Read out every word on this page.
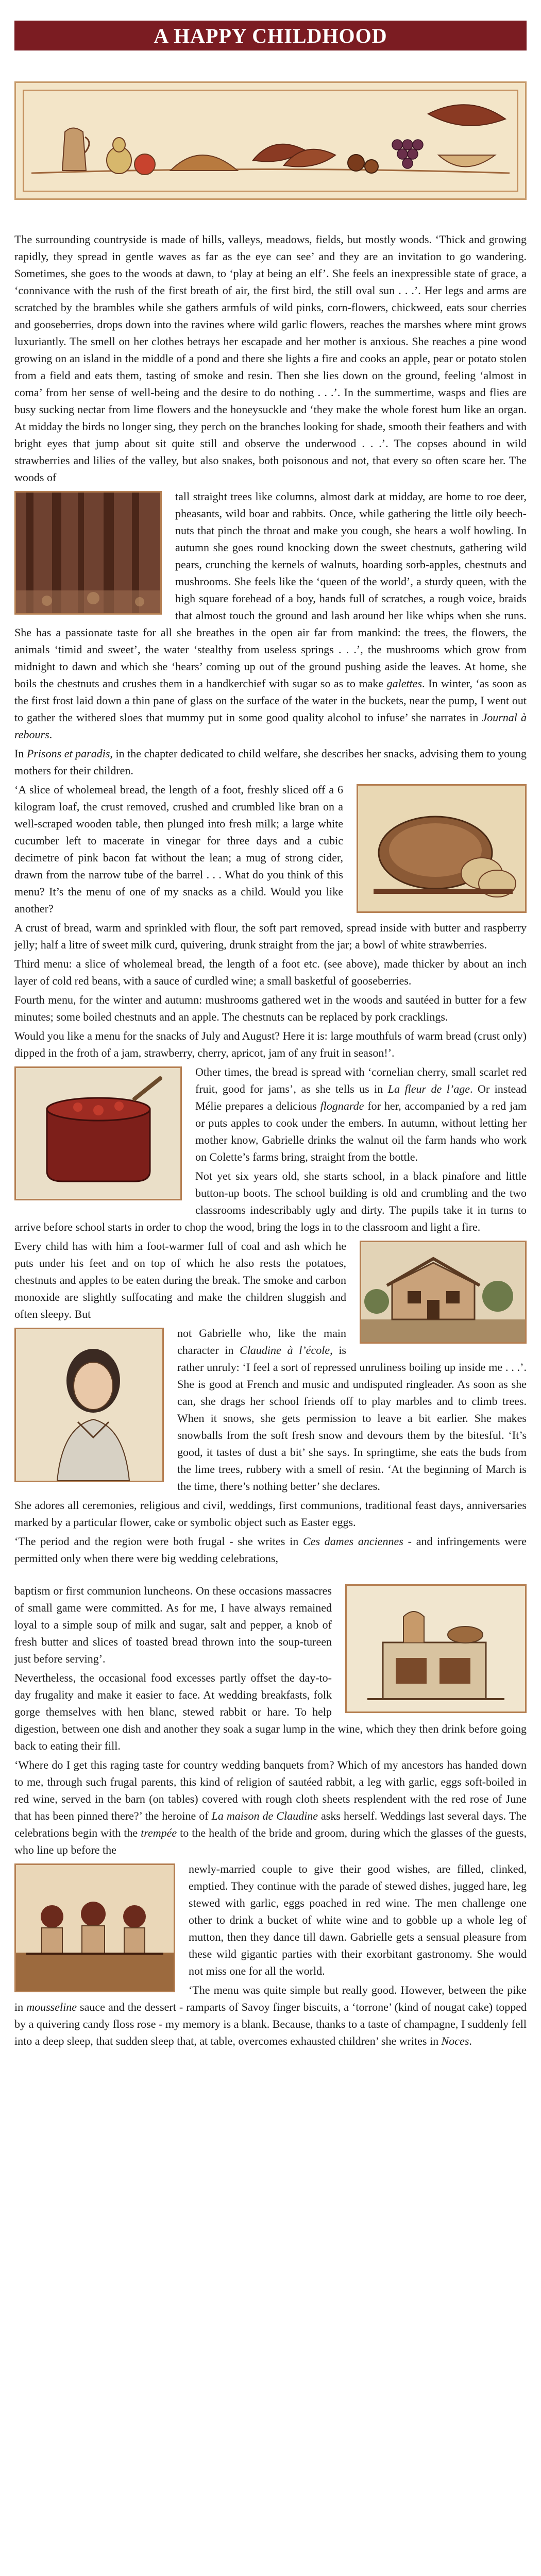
A HAPPY CHILDHOOD

The surrounding countryside is made of hills, valleys, meadows, fields, but mostly woods. ‘Thick and growing rapidly, they spread in gentle waves as far as the eye can see’ and they are an invitation to go wandering. Sometimes, she goes to the woods at dawn, to ‘play at being an elf’. She feels an inexpressible state of grace, a ‘connivance with the rush of the first breath of air, the first bird, the still oval sun . . .’. Her legs and arms are scratched by the brambles while she gathers armfuls of wild pinks, corn-flowers, chickweed, eats sour cherries and gooseberries, drops down into the ravines where wild garlic flowers, reaches the marshes where mint grows luxuriantly. The smell on her clothes betrays her escapade and her mother is anxious. She reaches a pine wood growing on an island in the middle of a pond and there she lights a fire and cooks an apple, pear or potato stolen from a field and eats them, tasting of smoke and resin. Then she lies down on the ground, feeling ‘almost in coma’ from her sense of well-being and the desire to do nothing . . .’. In the summertime, wasps and flies are busy sucking nectar from lime flowers and the honeysuckle and ‘they make the whole forest hum like an organ. At midday the birds no longer sing, they perch on the branches looking for shade, smooth their feathers and with bright eyes that jump about sit quite still and observe the underwood . . .’. The copses abound in wild strawberries and lilies of the valley, but also snakes, both poisonous and not, that every so often scare her. The woods of

tall straight trees like columns, almost dark at midday, are home to roe deer, pheasants, wild boar and rabbits. Once, while gathering the little oily beech-nuts that pinch the throat and make you cough, she hears a wolf howling. In autumn she goes round knocking down the sweet chestnuts, gathering wild pears, crunching the kernels of walnuts, hoarding sorb-apples, chestnuts and mushrooms. She feels like the ‘queen of the world’, a sturdy queen, with the high square forehead of a boy, hands full of scratches, a rough voice, braids that almost touch the ground and lash around her like whips when she runs. She has a passionate taste for all she breathes in the open air far from mankind: the trees, the flowers, the animals ‘timid and sweet’, the water ‘stealthy from useless springs . . .’, the mushrooms which grow from midnight to dawn and which she ‘hears’ coming up out of the ground pushing aside the leaves. At home, she boils the chestnuts and crushes them in a handkerchief with sugar so as to make galettes. In winter, ‘as soon as the first frost laid down a thin pane of glass on the surface of the water in the buckets, near the pump, I went out to gather the withered sloes that mummy put in some good quality alcohol to infuse’ she narrates in Journal à rebours.

In Prisons et paradis, in the chapter dedicated to child welfare, she describes her snacks, advising them to young mothers for their children.

‘A slice of wholemeal bread, the length of a foot, freshly sliced off a 6 kilogram loaf, the crust removed, crushed and crumbled like bran on a well-scraped wooden table, then plunged into fresh milk; a large white cucumber left to macerate in vinegar for three days and a cubic decimetre of pink bacon fat without the lean; a mug of strong cider, drawn from the narrow tube of the barrel . . . What do you think of this menu? It’s the menu of one of my snacks as a child. Would you like another?

A crust of bread, warm and sprinkled with flour, the soft part removed, spread inside with butter and raspberry jelly; half a litre of sweet milk curd, quivering, drunk straight from the jar; a bowl of white strawberries.

Third menu: a slice of wholemeal bread, the length of a foot etc. (see above), made thicker by about an inch layer of cold red beans, with a sauce of curdled wine; a small basketful of gooseberries.

Fourth menu, for the winter and autumn: mushrooms gathered wet in the woods and sautéed in butter for a few minutes; some boiled chestnuts and an apple. The chestnuts can be replaced by pork cracklings.

Would you like a menu for the snacks of July and August? Here it is: large mouthfuls of warm bread (crust only) dipped in the froth of a jam, strawberry, cherry, apricot, jam of any fruit in season!’.

Other times, the bread is spread with ‘cornelian cherry, small scarlet red fruit, good for jams’, as she tells us in La fleur de l’age. Or instead Mélie prepares a delicious flognarde for her, accompanied by a red jam or puts apples to cook under the embers. In autumn, without letting her mother know, Gabrielle drinks the walnut oil the farm hands who work on Colette’s farms bring, straight from the bottle.

Not yet six years old, she starts school, in a black pinafore and little button-up boots. The school building is old and crumbling and the two classrooms indescribably ugly and dirty. The pupils take it in turns to arrive before school starts in order to chop the wood, bring the logs in to the classroom and light a fire.

Every child has with him a foot-warmer full of coal and ash which he puts under his feet and on top of which he also rests the potatoes, chestnuts and apples to be eaten during the break. The smoke and carbon monoxide are slightly suffocating and make the children sluggish and often sleepy. But

not Gabrielle who, like the main character in Claudine à l’école, is rather unruly: ‘I feel a sort of repressed unruliness boiling up inside me . . .’. She is good at French and music and undisputed ringleader. As soon as she can, she drags her school friends off to play marbles and to climb trees. When it snows, she gets permission to leave a bit earlier. She makes snowballs from the soft fresh snow and devours them by the bitesful. ‘It’s good, it tastes of dust a bit’ she says. In springtime, she eats the buds from the lime trees, rubbery with a smell of resin. ‘At the beginning of March is the time, there’s nothing better’ she declares.

She adores all ceremonies, religious and civil, weddings, first communions, traditional feast days, anniversaries marked by a particular flower, cake or symbolic object such as Easter eggs.

‘The period and the region were both frugal - she writes in Ces dames anciennes - and infringements were permitted only when there were big wedding celebrations,

baptism or first communion luncheons. On these occasions massacres of small game were committed. As for me, I have always remained loyal to a simple soup of milk and sugar, salt and pepper, a knob of fresh butter and slices of toasted bread thrown into the soup-tureen just before serving’.

Nevertheless, the occasional food excesses partly offset the day-to-day frugality and make it easier to face. At wedding breakfasts, folk gorge themselves with hen blanc, stewed rabbit or hare. To help digestion, between one dish and another they soak a sugar lump in the wine, which they then drink before going back to eating their fill.

‘Where do I get this raging taste for country wedding banquets from? Which of my ancestors has handed down to me, through such frugal parents, this kind of religion of sautéed rabbit, a leg with garlic, eggs soft-boiled in red wine, served in the barn (on tables) covered with rough cloth sheets resplendent with the red rose of June that has been pinned there?’ the heroine of La maison de Claudine asks herself. Weddings last several days. The celebrations begin with the trempée to the health of the bride and groom, during which the glasses of the guests, who line up before the

newly-married couple to give their good wishes, are filled, clinked, emptied. They continue with the parade of stewed dishes, jugged hare, leg stewed with garlic, eggs poached in red wine. The men challenge one other to drink a bucket of white wine and to gobble up a whole leg of mutton, then they dance till dawn. Gabrielle gets a sensual pleasure from these wild gigantic parties with their exorbitant gastronomy. She would not miss one for all the world.

‘The menu was quite simple but really good. However, between the pike in mousseline sauce and the dessert - ramparts of Savoy finger biscuits, a ‘torrone’ (kind of nougat cake) topped by a quivering candy floss rose - my memory is a blank. Because, thanks to a taste of champagne, I suddenly fell into a deep sleep, that sudden sleep that, at table, overcomes exhausted children’ she writes in Noces.
